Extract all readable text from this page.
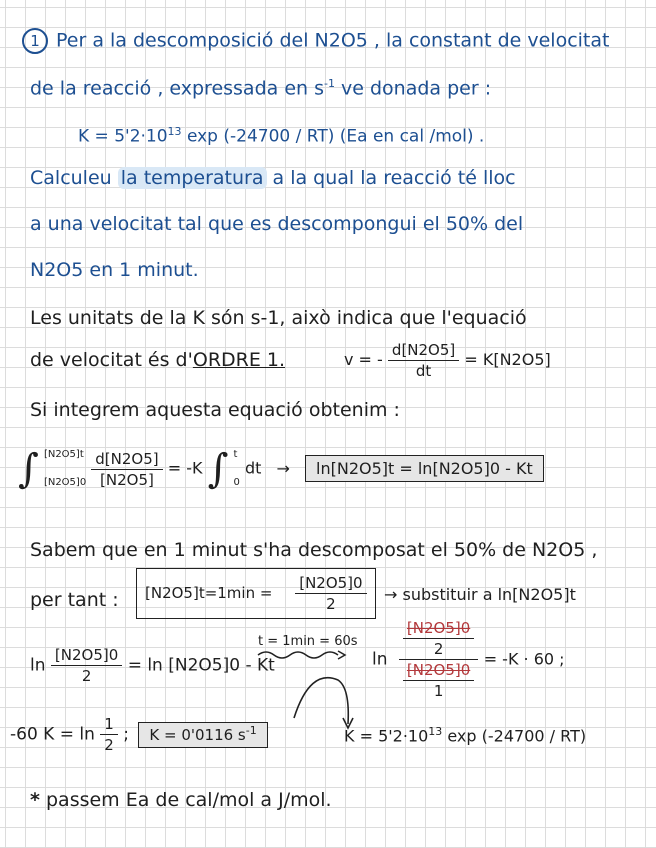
1 Per a la descomposició del N2O5 , la constant de velocitat
de la reacció , expressada en $s^{-1}$ ve donada per :
$K = 5'2\cdot 10^{13}$ exp (-24700 / RT) (Ea en cal /mol) .
Calculeu la temperatura a la qual la reacció té lloc
a una velocitat tal que es descompongui el 50% del
N2O5 en 1 minut.
Les unitats de la K són s-1, això indica que l'equació
de velocitat és d'ORDRE 1.	v = - $\frac{d[N2O5]}{dt} = K[N2O5]$
Si integrem aquesta equació obtenim :
∫ [N2O5]t
[N2O5]0
$\frac{d[N2O5]}{[N2O5]} = -K$ ∫ t
0
dt → ln[N2O5]t = ln[N2O5]0 - Kt
Sabem que en 1 minut s'ha descomposat el 50% de N2O5 ,
per tant :	$[N2O5]t=1\min = \frac{[N2O5]0}{2}$ → substituir a ln[N2O5]t
$\ln \frac{[N2O5]0}{2} = \ln [N2O5]0 - Kt$
t = 1min = 60s
$\ln \frac{\frac{[N2O5]0}{2}}{\frac{[N2O5]0}{1}} = -K \cdot 60$ ;
-60 $K = \ln \frac{1}{2}$ ; K = 0'0116 $s^{-1}$	$K = 5'2\cdot 10^{13}$ exp (-24700 / RT)
* passem Ea de cal/mol a J/mol.
